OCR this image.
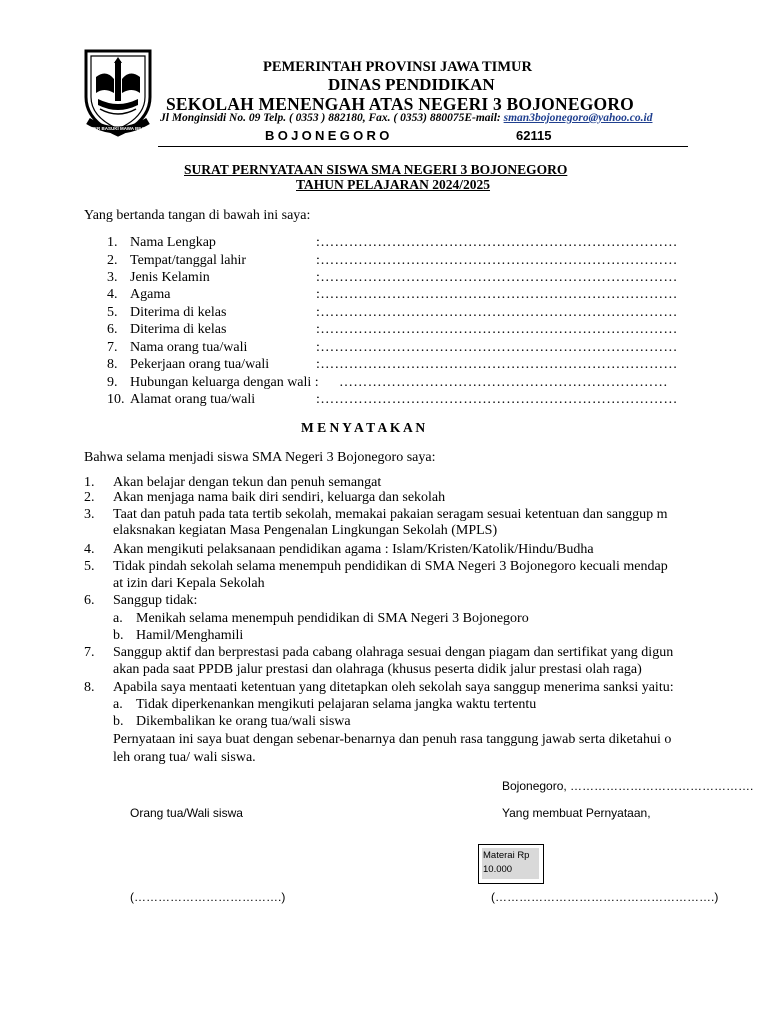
JER BASUKI MAWA BEA
PEMERINTAH PROVINSI JAWA TIMUR
DINAS PENDIDIKAN
SEKOLAH MENENGAH ATAS NEGERI 3 BOJONEGORO
Jl Monginsidi No. 09 Telp. ( 0353 ) 882180, Fax. ( 0353) 880075E-mail: sman3bojonegoro@yahoo.co.id
BOJONEGORO	62115
SURAT PERNYATAAN SISWA SMA NEGERI 3 BOJONEGORO
TAHUN PELAJARAN 2024/2025
Yang bertanda tangan di bawah ini saya:
1. Nama Lengkap	:…………………………………………………………………
2. Tempat/tanggal lahir	:…………………………………………………………………
3. Jenis Kelamin	:…………………………………………………………………
4. Agama	:…………………………………………………………………
5. Diterima di kelas	:…………………………………………………………………
6. Diterima di kelas	:…………………………………………………………………
7. Nama orang tua/wali	:…………………………………………………………………
8. Pekerjaan orang tua/wali	:…………………………………………………………………
9. Hubungan keluarga dengan wali : ……………………………………………………………
10. Alamat orang tua/wali	:…………………………………………………………………
M E N Y A T A K A N
Bahwa selama menjadi siswa SMA Negeri 3 Bojonegoro saya:
1. Akan belajar dengan tekun dan penuh semangat
2. Akan menjaga nama baik diri sendiri, keluarga dan sekolah
3. Taat dan patuh pada tata tertib sekolah, memakai pakaian seragam sesuai ketentuan dan sanggup m
elaksnakan kegiatan Masa Pengenalan Lingkungan Sekolah (MPLS)
4. Akan mengikuti pelaksanaan pendidikan agama : Islam/Kristen/Katolik/Hindu/Budha
5. Tidak pindah sekolah selama menempuh pendidikan di SMA Negeri 3 Bojonegoro kecuali mendap
at izin dari Kepala Sekolah
6. Sanggup tidak:
a. Menikah selama menempuh pendidikan di SMA Negeri 3 Bojonegoro
b. Hamil/Menghamili
7. Sanggup aktif dan berprestasi pada cabang olahraga sesuai dengan piagam dan sertifikat yang digun
akan pada saat PPDB jalur prestasi dan olahraga (khusus peserta didik jalur prestasi olah raga)
8. Apabila saya mentaati ketentuan yang ditetapkan oleh sekolah saya sanggup menerima sanksi yaitu:
a. Tidak diperkenankan mengikuti pelajaran selama jangka waktu tertentu
b. Dikembalikan ke orang tua/wali siswa
Pernyataan ini saya buat dengan sebenar-benarnya dan penuh rasa tanggung jawab serta diketahui o
leh orang tua/ wali siswa.
Bojonegoro, ……………………………………….
Orang tua/Wali siswa	Yang membuat Pernyataan,
Materai Rp
10.000
(……………………………….)	(……………………………………………….)
